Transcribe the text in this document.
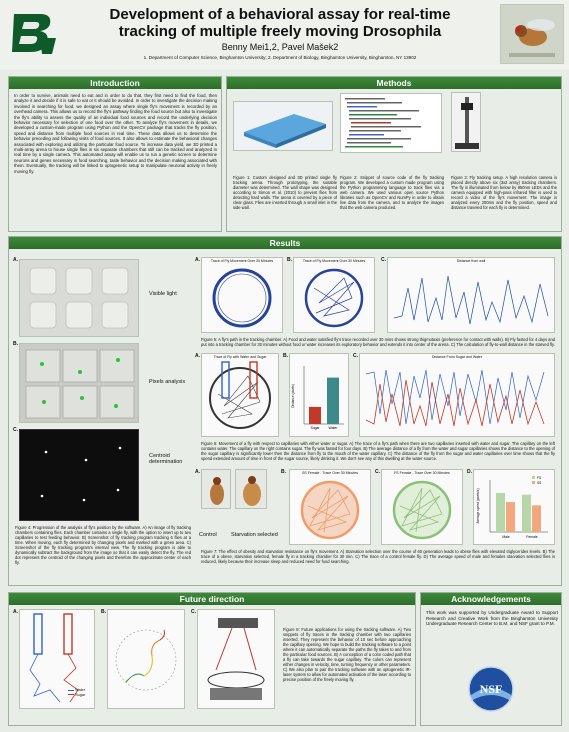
Development of a behavioral assay for real-time
tracking of multiple freely moving Drosophila
Benny Mei1,2, Pavel Mašek2
1. Department of Computer Science, Binghamton University; 2. Department of Biology, Binghamton University, Binghamton, NY 13902
Introduction
In order to survive, animals need to eat and in order to do that, they first need to find the food, then analyze it and decide if it is safe to eat or it should be avoided. In order to investigate the decision making involved in searching for food, we designed an assay where single fly's movement is recorded by an overhead camera. This allows us to record the fly's pathway finding the food source but also to investigate the fly's ability to assess the quality of an individual food sources and record the underlying decision behavior necessary for selection of one food over the other. To analyze fly's movement in details, we developed a custom-made program using Python and the OpenCV package that tracks the fly position, speed and distance from multiple food sources in real time. These data allows us to determine the behavior preceding and following visits of food sources. It also allows to estimate the behavioral changes associated with exploring and utilizing the particular food source. To increase data yield, we 3D printed a multi-array arena to house single flies in six separate chambers that still can be tracked and analyzed in real time by a single camera. This automated assay will enable us to run a genetic screen to determine neurons and genes necessary in food searching, taste behavior and the decision making associated with them. Eventually, the tracking will be linked to optogenetic setup to manipulate neuronal activity in freely moving fly.
Methods
Figure 1: Custom designed and 3D printed single fly tracking arena. Through prototyping, the suitable diameter was determined. The wall shape was designed according to Simon et al. (2010) to prevent flies from detecting hard walls. The arena is covered by a piece of clear glass. Flies are inserted through a small inlet in the side wall.
Figure 2: Snippet of source code of the fly tracking program. We developed a custom made program using the Python programming language to track flies via a web camera. We used various open source Python libraries such as OpenCV and NumPy in order to obtain live data from the camera, and to analyze the images that the web camera produced.
Figure 3: Fly tracking setup. A high resolution camera is placed directly above six (3x2 array) tracking chambers. The fly is illuminated from below by 850nm LEDs and the camera equipped with high-pass infrared filter is used to record a video of the fly's movement. The image is analyzed every 200ms and the fly position, speed and distance traveled for each fly is determined.
Results
A.
Visible light
B.
Pixels analysis
C.
Centroid determination
Figure 4: Progression of the analysis of fly's position by the software. A) An image of fly tracking chambers containing flies. Each chamber contains a single fly, with the option to insert up to two capillaries to test feeding behavior. B) Screenshot of fly tracking program tracking 6 flies at a time. When moving, each fly determined by changing pixels and marked with a green area. C) Screenshot of the fly tracking program's internal view. The fly tracking program is able to dynamically subtract the background from the image so that it can easily detect the fly. The red dot represent the centroid of the changing pixels and therefore the approximate center of each fly.
A.	Trace of Fly Movement Over 30 Minutes	B.	Trace of Fly Movement Over 30 Minutes	C.	Distance from wall
Figure 5: A fly's path in the tracking chamber. A) Food and water satisfied fly's trace recorded over 30 mins shows strong thigmotaxis (preference for contact with walls). B) Fly fasted for 4 days and put into a tracking chamber for 30 minutes without food or water increases its exploratory behavior and extends it into center of the arena. C) The calculation of fly-to-wall distance in the starved fly.
A.	Trace of Fly with Water and Sugar	B.
Distance (pixels)
Sugar	Water
C.	Distance From Sugar and Water
Figure 6: Movement of a fly with respect to capillaries with either water or sugar. A) The trace of a fly's path when there are two capillaries inserted with water and sugar. The capillary on the left contains water. The capillary on the right contains sugar. The fly was fasted for four days. B) The average distance of a fly from the water and sugar capillaries shows the distance to the opening of the sugar capillary is significantly lower then the distance from fly to the mouth of the water capillary. C) The distance of the fly from the sugar and water capillaries over time shows that the fly spend extended amount of time in front of the sugar source, likely drinking it. We don't see any of this dwelling at the water source.
A.
Control	Starvation selected
B.	SS Female - Trace Over 30 Minutes	C.	FS Female - Trace Over 30 Minutes	D.
Average speed (pixels/s)
Male	Female
FS
SS
Figure 7: The effect of obesity and starvation resistance on fly's movement. A) Starvation selection over the course of 60 generation leads to obese flies with elevated triglycerides levels. B) The trace of a obese, starvation selected, female fly in a tracking chamber for 30 min. C) The trace of a control female fly. D) The average speed of male and females starvation selected flies is reduced, likely because their increase sleep and reduced need for food searching.
Future direction
A.
Water
Sugar
B.	C.
Figure 8: Future applications for using the tracking software. A) Two snippets of fly traces in the tracking chamber with two capillaries inserted. They represent the behavior of 10 sec before approaching the capillary opening. We hope to build the tracking software to a point where it can automatically separate the paths the fly takes to and from the particular food sources. B) A conception of a color coded path that a fly can take towards the sugar capillary. The colors can represent either changes in velocity, time, turning frequency or other parameters. C) We also plan to pair the tracking software with an optogenetic IR-laser system to allow for automated activation of the laser according to precise position of the freely moving fly.
Acknowledgements
This work was supported by Undergraduate Award to Support Research and Creative Work from the Binghamton University Undergraduate Research Center to B.M. and NSF grant to P.M.
NSF
